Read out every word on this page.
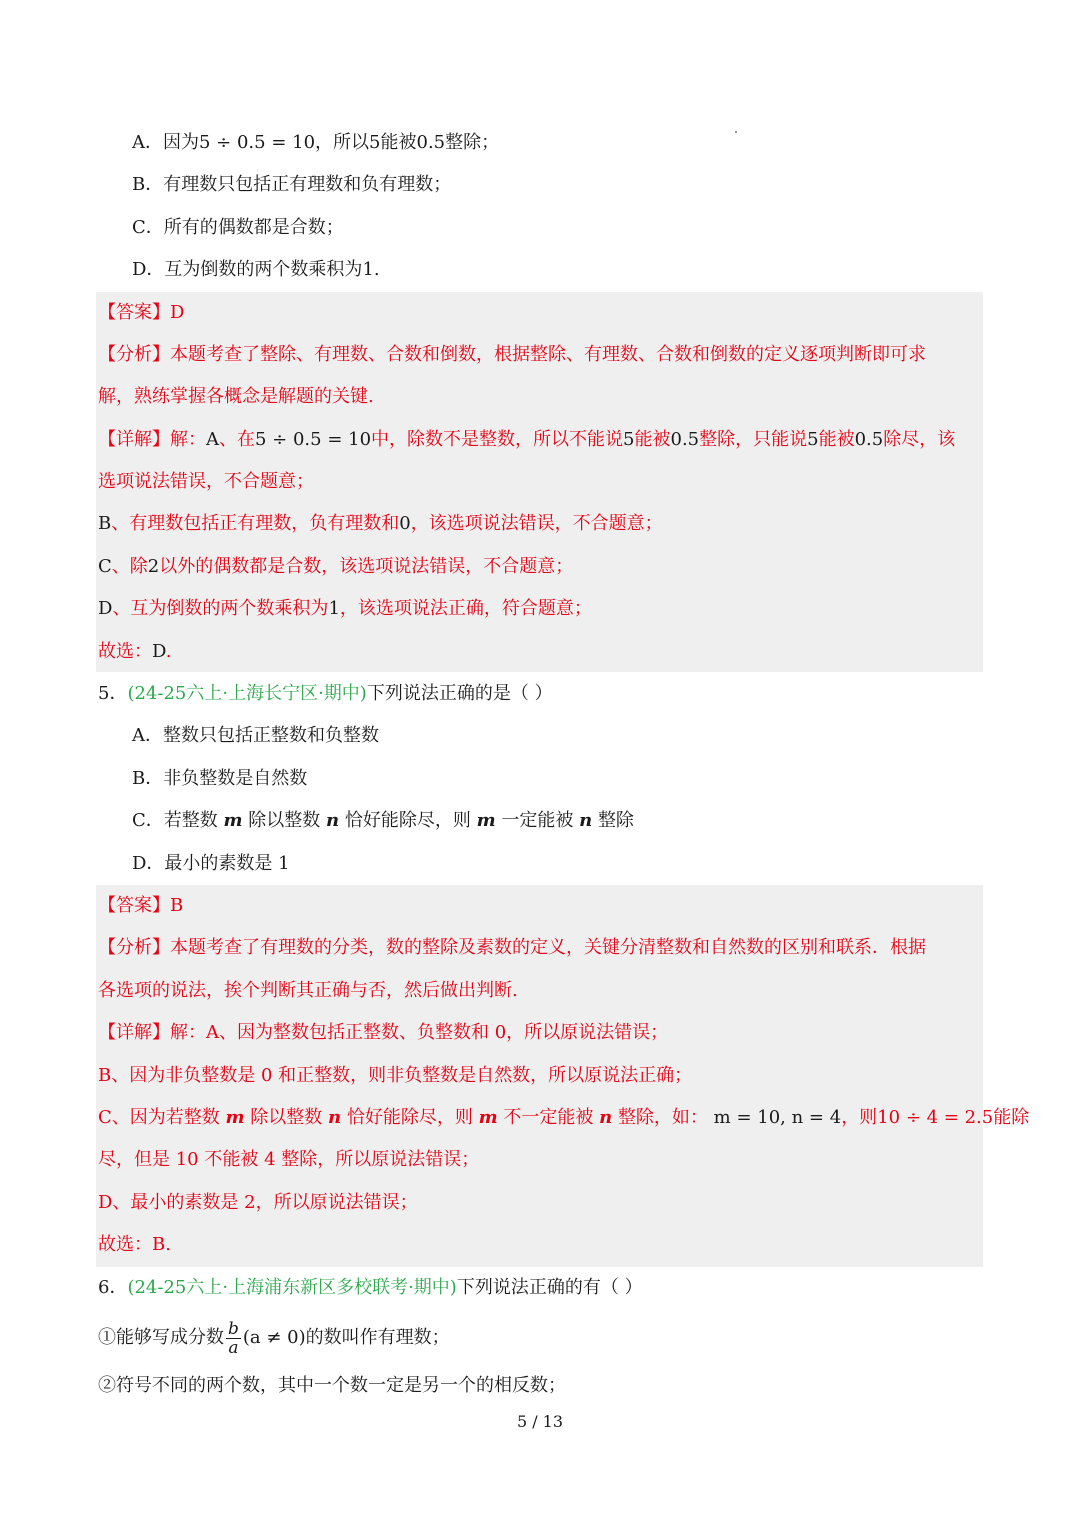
A．因为5 ÷ 0.5 = 10，所以5能被0.5整除；
B．有理数只包括正有理数和负有理数；
C．所有的偶数都是合数；
D．互为倒数的两个数乘积为1.
【答案】D
【分析】本题考查了整除、有理数、合数和倒数，根据整除、有理数、合数和倒数的定义逐项判断即可求
解，熟练掌握各概念是解题的关键.
【详解】解：A、在5 ÷ 0.5 = 10中，除数不是整数，所以不能说5能被0.5整除，只能说5能被0.5除尽，该
选项说法错误，不合题意；
B、有理数包括正有理数，负有理数和0，该选项说法错误，不合题意；
C、除2以外的偶数都是合数，该选项说法错误，不合题意；
D、互为倒数的两个数乘积为1，该选项说法正确，符合题意；
故选：D.
5．(24-25六上·上海长宁区·期中)下列说法正确的是（ ）
A．整数只包括正整数和负整数
B．非负整数是自然数
C．若整数 m 除以整数 n 恰好能除尽，则 m 一定能被 n 整除
D．最小的素数是 1
【答案】B
【分析】本题考查了有理数的分类，数的整除及素数的定义，关键分清整数和自然数的区别和联系．根据
各选项的说法，挨个判断其正确与否，然后做出判断.
【详解】解：A、因为整数包括正整数、负整数和 0，所以原说法错误；
B、因为非负整数是 0 和正整数，则非负整数是自然数，所以原说法正确；
C、因为若整数 m 除以整数 n 恰好能除尽，则 m 不一定能被 n 整除，如： m = 10, n = 4，则10 ÷ 4 = 2.5能除
尽，但是 10 不能被 4 整除，所以原说法错误；
D、最小的素数是 2，所以原说法错误；
故选：B.
6．(24-25六上·上海浦东新区多校联考·期中)下列说法正确的有（ ）
①能够写成分数 $\frac{b}{a} (a \ne 0)$的数叫作有理数；
②符号不同的两个数，其中一个数一定是另一个的相反数；
5 / 13
